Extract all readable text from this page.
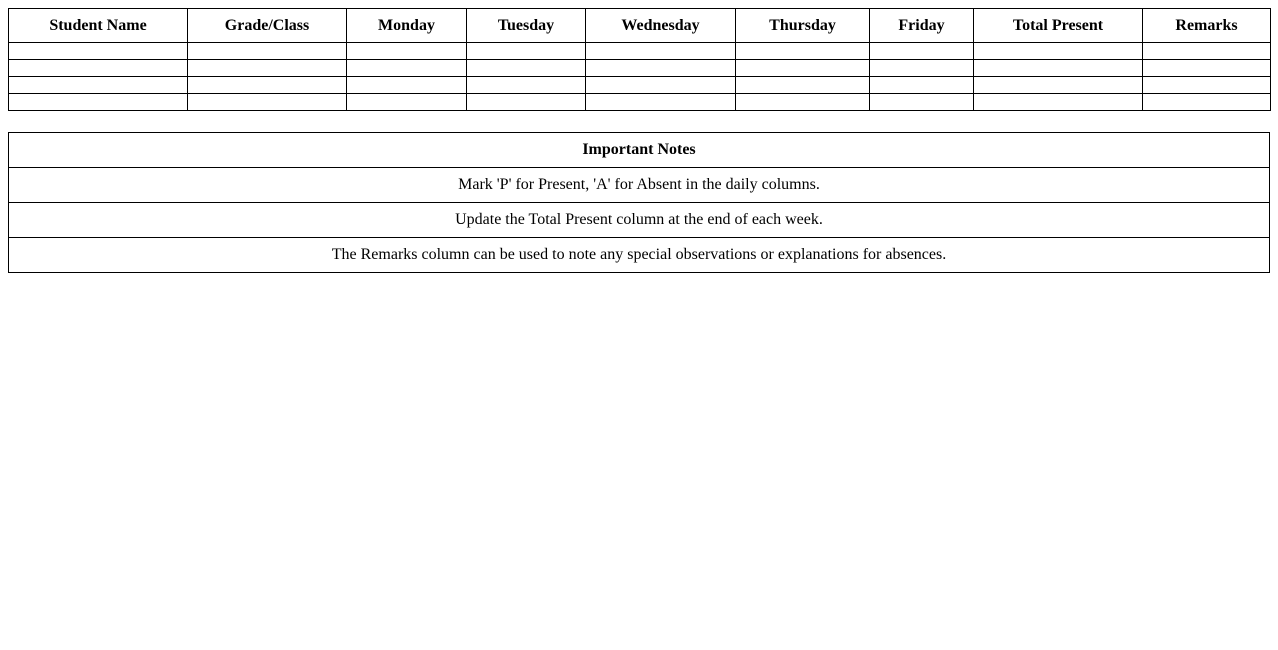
Student Name	Grade/Class	Monday	Tuesday	Wednesday	Thursday	Friday	Total Present	Remarks

Important Notes
Mark 'P' for Present, 'A' for Absent in the daily columns.
Update the Total Present column at the end of each week.
The Remarks column can be used to note any special observations or explanations for absences.
